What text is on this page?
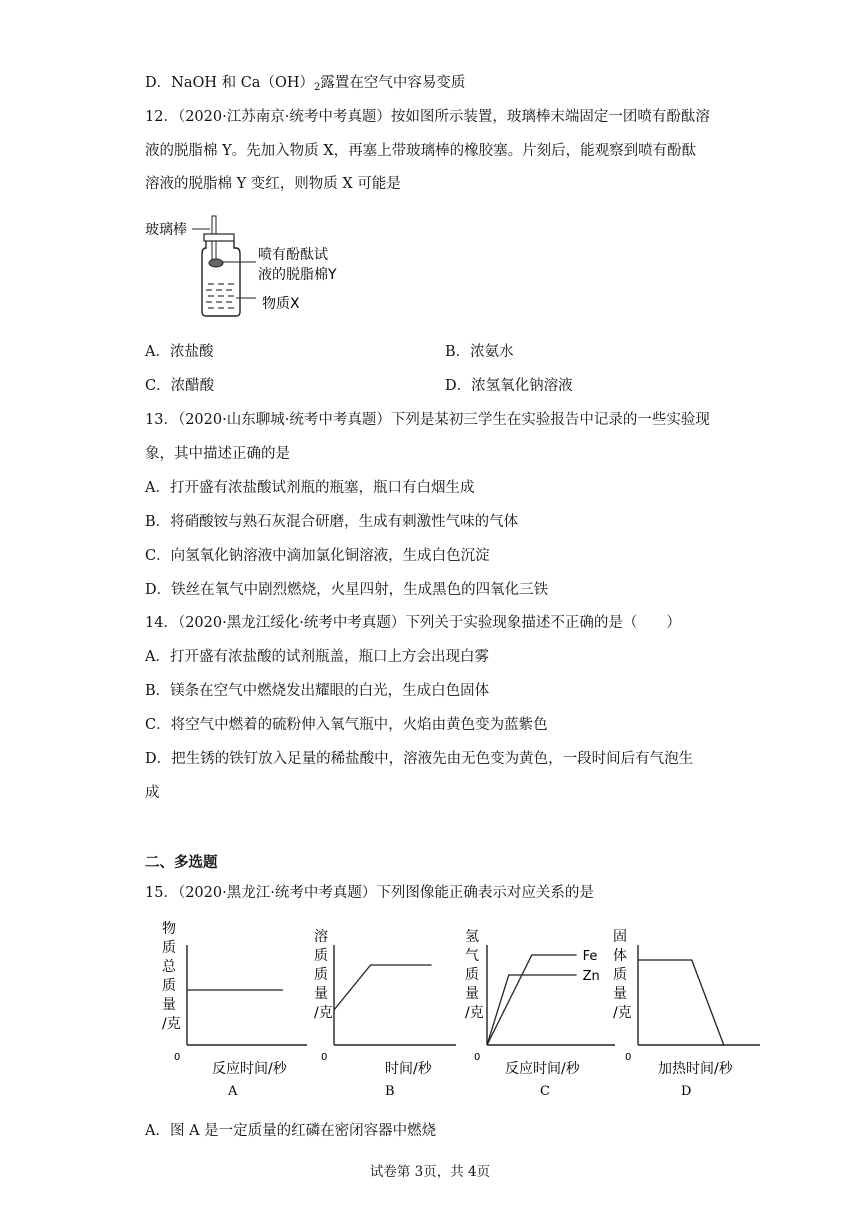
D．NaOH 和 $Ca(OH)_2$露置在空气中容易变质
12．（2020·江苏南京·统考中考真题）按如图所示装置，玻璃棒末端固定一团喷有酚酞溶
液的脱脂棉 Y。先加入物质 X，再塞上带玻璃棒的橡胶塞。片刻后，能观察到喷有酚酞
溶液的脱脂棉 Y 变红，则物质 X 可能是
玻璃棒
喷有酚酞试
液的脱脂棉Y
物质X
A．浓盐酸	B．浓氨水
C．浓醋酸	D．浓氢氧化钠溶液
13．（2020·山东聊城·统考中考真题）下列是某初三学生在实验报告中记录的一些实验现
象，其中描述正确的是
A．打开盛有浓盐酸试剂瓶的瓶塞，瓶口有白烟生成
B．将硝酸铵与熟石灰混合研磨，生成有刺激性气味的气体
C．向氢氧化钠溶液中滴加氯化铜溶液，生成白色沉淀
D．铁丝在氧气中剧烈燃烧，火星四射，生成黑色的四氧化三铁
14．（2020·黑龙江绥化·统考中考真题）下列关于实验现象描述不正确的是（　　）
A．打开盛有浓盐酸的试剂瓶盖，瓶口上方会出现白雾
B．镁条在空气中燃烧发出耀眼的白光，生成白色固体
C．将空气中燃着的硫粉伸入氧气瓶中，火焰由黄色变为蓝紫色
D．把生锈的铁钉放入足量的稀盐酸中，溶液先由无色变为黄色，一段时间后有气泡生
成
二、多选题
15．（2020·黑龙江·统考中考真题）下列图像能正确表示对应关系的是
物
质
总
质
量
/克
0
反应时间/秒
A
溶
质
质
量
/克
0
时间/秒
B
氢
气
质
量
/克
0
反应时间/秒
C
Fe
Zn
固
体
质
量
/克
0
加热时间/秒
D
A．图 A 是一定质量的红磷在密闭容器中燃烧
试卷第 3页，共 4页
